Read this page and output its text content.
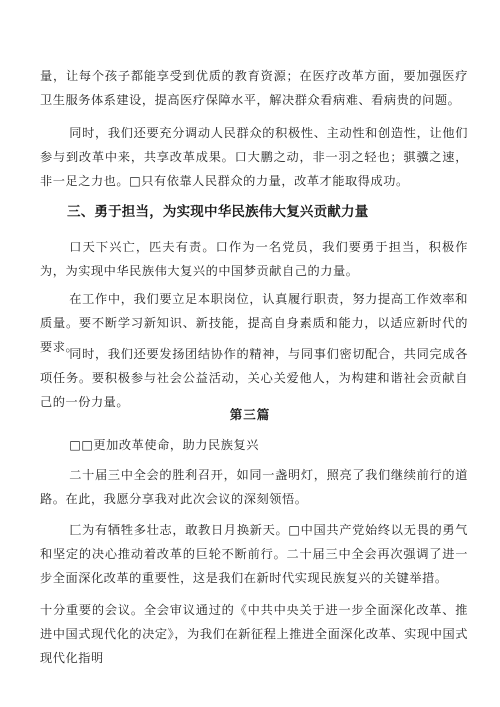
量，让每个孩子都能享受到优质的教育资源；在医疗改革方面，要加强医疗卫生服务体系建设，提高医疗保障水平，解决群众看病难、看病贵的问题。

同时，我们还要充分调动人民群众的积极性、主动性和创造性，让他们参与到改革中来，共享改革成果。口大鹏之动，非一羽之轻也；骐骥之速，非一足之力也。□只有依靠人民群众的力量，改革才能取得成功。

三、勇于担当，为实现中华民族伟大复兴贡献力量

口天下兴亡，匹夫有责。口作为一名党员，我们要勇于担当，积极作为，为实现中华民族伟大复兴的中国梦贡献自己的力量。

在工作中，我们要立足本职岗位，认真履行职责，努力提高工作效率和质量。要不断学习新知识、新技能，提高自身素质和能力，以适应新时代的要求。

同时，我们还要发扬团结协作的精神，与同事们密切配合，共同完成各项任务。要积极参与社会公益活动，关心关爱他人，为构建和谐社会贡献自己的一份力量。

第三篇

□□更加改革使命，助力民族复兴

二十届三中全会的胜利召开，如同一盏明灯，照亮了我们继续前行的道路。在此，我愿分享我对此次会议的深刻领悟。

匚为有牺牲多壮志，敢教日月换新天。□中国共产党始终以无畏的勇气和坚定的决心推动着改革的巨轮不断前行。二十届三中全会再次强调了进一步全面深化改革的重要性，这是我们在新时代实现民族复兴的关键举措。

十分重要的会议。全会审议通过的《中共中央关于进一步全面深化改革、推进中国式现代化的决定》，为我们在新征程上推进全面深化改革、实现中国式现代化指明
